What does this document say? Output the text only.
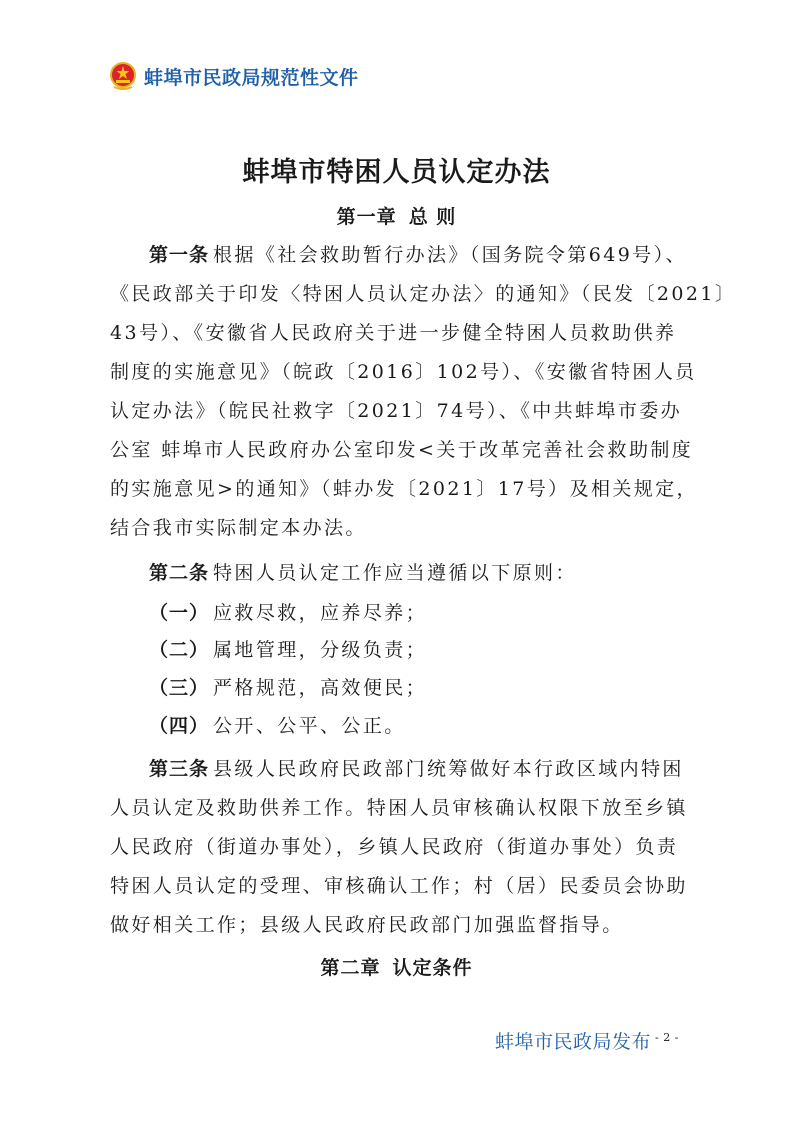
蚌埠市民政局规范性文件
蚌埠市特困人员认定办法
第一章 总 则
第一条 根据《社会救助暂行办法》（国务院令第649号）、
《民政部关于印发〈特困人员认定办法〉的通知》（民发〔2021〕
43号）、《安徽省人民政府关于进一步健全特困人员救助供养
制度的实施意见》（皖政〔2016〕102号）、《安徽省特困人员
认定办法》（皖民社救字〔2021〕74号）、《中共蚌埠市委办
公室 蚌埠市人民政府办公室印发<关于改革完善社会救助制度
的实施意见>的通知》（蚌办发〔2021〕17号）及相关规定，
结合我市实际制定本办法。
第二条 特困人员认定工作应当遵循以下原则：
（一） 应救尽救，应养尽养；
（二） 属地管理，分级负责；
（三） 严格规范，高效便民；
（四） 公开、公平、公正。
第三条 县级人民政府民政部门统筹做好本行政区域内特困
人员认定及救助供养工作。特困人员审核确认权限下放至乡镇
人民政府（街道办事处），乡镇人民政府（街道办事处）负责
特困人员认定的受理、审核确认工作；村（居）民委员会协助
做好相关工作；县级人民政府民政部门加强监督指导。
第二章 认定条件
蚌埠市民政局发布 $^{- 2 -}$
